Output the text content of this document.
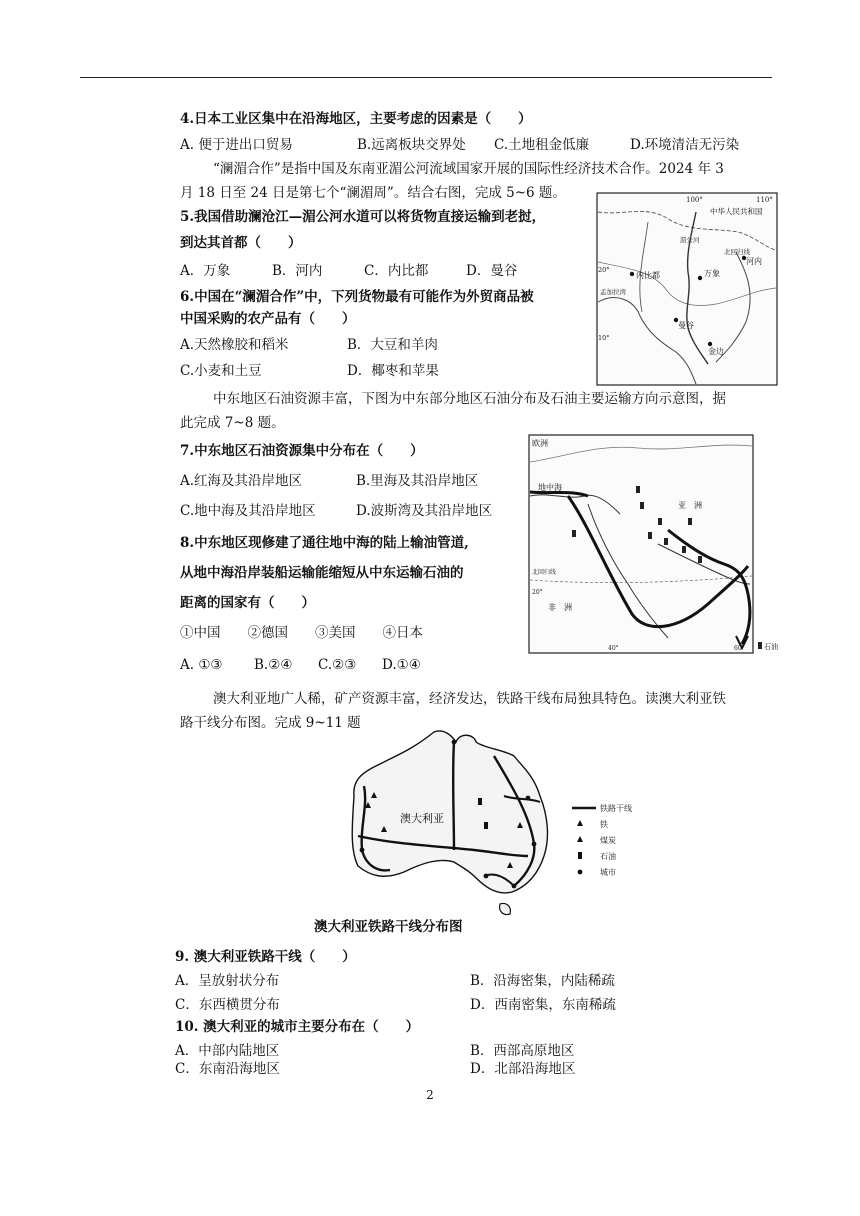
4.日本工业区集中在沿海地区，主要考虑的因素是（　　）
A. 便于进出口贸易	B.远离板块交界处 C.土地租金低廉	D.环境清洁无污染
“澜湄合作”是指中国及东南亚湄公河流域国家开展的国际性经济技术合作。2024 年 3
月 18 日至 24 日是第七个“澜湄周”。结合右图，完成 5~6 题。
5.我国借助澜沧江—湄公河水道可以将货物直接运输到老挝，
到达其首都（　　）
A．万象	B．河内	C．内比都	D．曼谷
6.中国在“澜湄合作”中，下列货物最有可能作为外贸商品被
中国采购的农产品有（　　）
A.天然橡胶和稻米	B．大豆和羊肉
C.小麦和土豆	D．椰枣和苹果
100°	110°
中华人民共和国
北回归线
20°
10°
内比都	万象
河内
曼谷
金边
湄公河
孟加拉湾
中东地区石油资源丰富，下图为中东部分地区石油分布及石油主要运输方向示意图，据
此完成 7~8 题。
7.中东地区石油资源集中分布在（　　）
A.红海及其沿岸地区	B.里海及其沿岸地区
C.地中海及其沿岸地区	D.波斯湾及其沿岸地区
8.中东地区现修建了通往地中海的陆上输油管道,
从地中海沿岸装船运输能缩短从中东运输石油的
距离的国家有（　　）
①中国　　②德国　　③美国　　④日本
A. ①③ B.②④ C.②③ D.①④
欧洲
亚　洲
非　洲
地中海
北回归线
20°
40°	60°	石油
澳大利亚地广人稀，矿产资源丰富，经济发达，铁路干线布局独具特色。读澳大利亚铁
路干线分布图。完成 9~11 题
澳大利亚
铁路干线
铁
煤炭
石油
城市
澳大利亚铁路干线分布图
9. 澳大利亚铁路干线（　　）
A．呈放射状分布	B．沿海密集，内陆稀疏
C．东西横贯分布	D．西南密集，东南稀疏
10. 澳大利亚的城市主要分布在（　　）
A．中部内陆地区	B．西部高原地区
C．东南沿海地区	D．北部沿海地区
2
